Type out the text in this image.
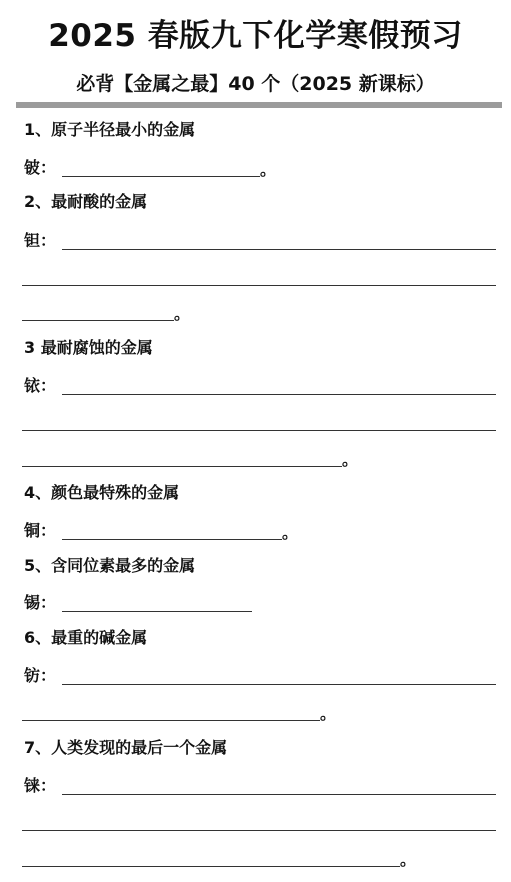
2025 春版九下化学寒假预习
必背【金属之最】40 个（2025 新课标）

1、原子半径最小的金属

铍：	。

2、最耐酸的金属

钽：
。

3 最耐腐蚀的金属

铱：
。

4、颜色最特殊的金属

铜：	。

5、含同位素最多的金属

锡：

6、最重的碱金属

钫：
。

7、人类发现的最后一个金属

铼：
。
